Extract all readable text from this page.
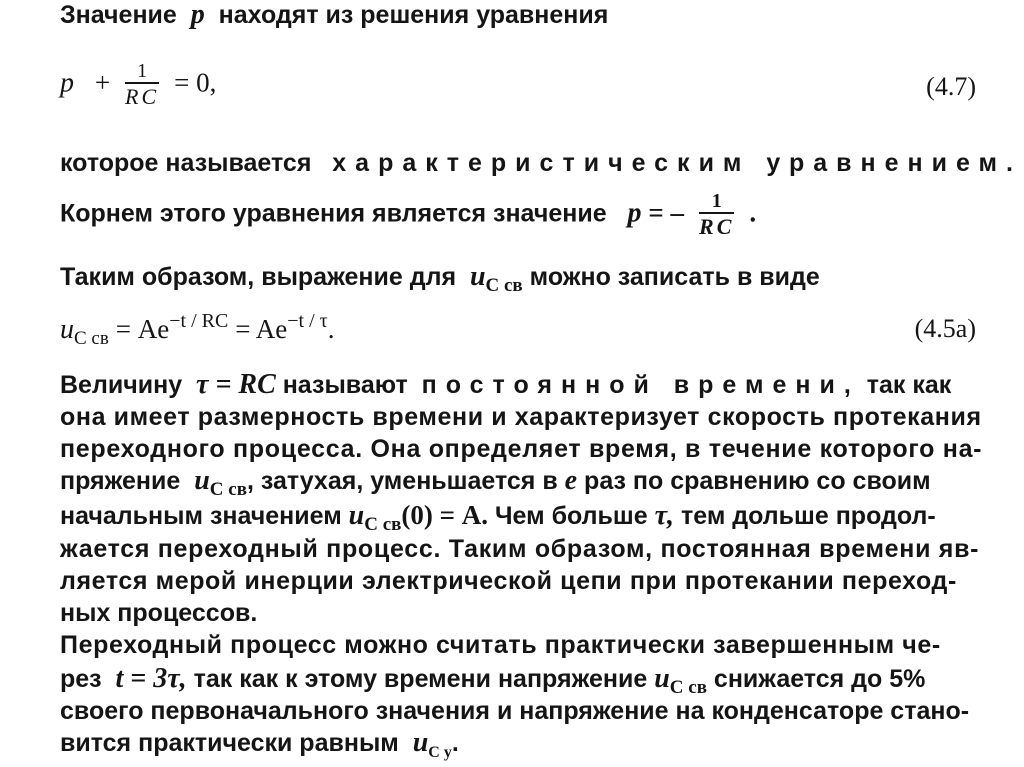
Значение p находят из решения уравнения
$p + \frac{1}{RC} = 0$,	(4.7)
которое называется характеристическим уравнением.
Корнем этого уравнения является значение p = – $\frac{1}{RC}$ .
Таким образом, выражение для $u_{C св}$ можно записать в виде
$u_{C св} = Ae^{-t / RC} = Ae^{-t / \tau}$.	(4.5a)
Величину τ = RC называют постоянной времени, так как
она имеет размерность времени и характеризует скорость протекания
переходного процесса. Она определяет время, в течение которого на-
пряжение $u_{C св}$, затухая, уменьшается в e раз по сравнению со своим
начальным значением $u_{C св}(0) = A$. Чем больше τ, тем дольше продол-
жается переходный процесс. Таким образом, постоянная времени яв-
ляется мерой инерции электрической цепи при протекании переход-
ных процессов.
Переходный процесс можно считать практически завершенным че-
рез t = 3τ, так как к этому времени напряжение $u_{C св}$ снижается до 5%
своего первоначального значения и напряжение на конденсаторе стано-
вится практически равным $u_{C у}$.
